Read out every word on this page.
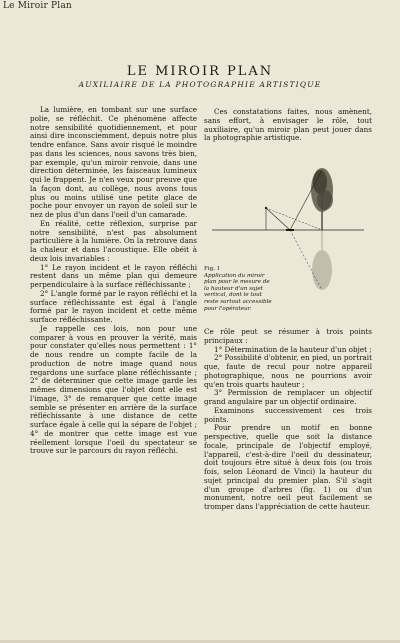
Le Miroir Plan
LE MIROIR PLAN
AUXILIAIRE DE LA PHOTOGRAPHIE ARTISTIQUE

La lumière, en tombant sur une surface polie, se réfléchit. Ce phénomène affecte notre sensibilité quotidiennement, et pour ainsi dire inconsciemment, depuis notre plus tendre enfance. Sans avoir risqué le moindre pas dans les sciences, nous savons très bien, par exemple, qu'un miroir renvoie, dans une direction déterminée, les faisceaux lumineux qui le frappent. Je n'en veux pour preuve que la façon dont, au collège, nous avons tous plus ou moins utilisé une petite glace de poche pour envoyer un rayon de soleil sur le nez de plus d'un dans l'oeil d'un camarade.

En réalité, cette réflexion, surprise par notre sensibilité, n'est pas absolument particulière à la lumière. On la retrouve dans la chaleur et dans l'acoustique. Elle obéit à deux lois invariables :

1° Le rayon incident et le rayon réfléchi restent dans un même plan qui demeure perpendiculaire à la surface réfléchissante ;

2° L'angle formé par le rayon réfléchi et la surface réfléchissante est égal à l'angle formé par le rayon incident et cette même surface réfléchissante.

Je rappelle ces lois, non pour une comparer à vous en prouver la vérité, mais pour constater qu'elles nous permettent : 1° de nous rendre un compte facile de la production de notre image quand nous regardons une surface plane réfléchissante ; 2° de déterminer que cette image garde les mêmes dimensions que l'objet dont elle est l'image, 3° de remarquer que cette image semble se présenter en arrière de la surface réfléchissante à une distance de cette surface égale à celle qui la sépare de l'objet ; 4° de montrer que cette image est vue réellement lorsque l'oeil du spectateur se trouve sur le parcours du rayon réfléchi.

Ces constatations faites, nous amènent, sans effort, à envisager le rôle, tout auxiliaire, qu'un miroir plan peut jouer dans la photographie artistique.

Fig. 1
Application du miroir plan pour le mesure de la hauteur d'un sujet vertical, dont le tout reste surtout accessible pour l'opérateur.

Ce rôle peut se résumer à trois points principaux :

1° Détermination de la hauteur d'un objet ;

2° Possibilité d'obtenir, en pied, un portrait que, faute de recul pour notre appareil photographique, nous ne pourrions avoir qu'en trois quarts hauteur ;

3° Permission de remplacer un objectif grand angulaire par un objectif ordinaire.

Examinons successivement ces trois points.

Pour prendre un motif en bonne perspective, quelle que soit la distance focale, principale de l'objectif employé, l'appareil, c'est-à-dire l'oeil du dessinateur, doit toujours être situé à deux fois (ou trois fois, selon Léonard de Vinci) la hauteur du sujet principal du premier plan. S'il s'agit d'un groupe d'arbres (fig. 1) ou d'un monument, notre oeil peut facilement se tromper dans l'appréciation de cette hauteur.
